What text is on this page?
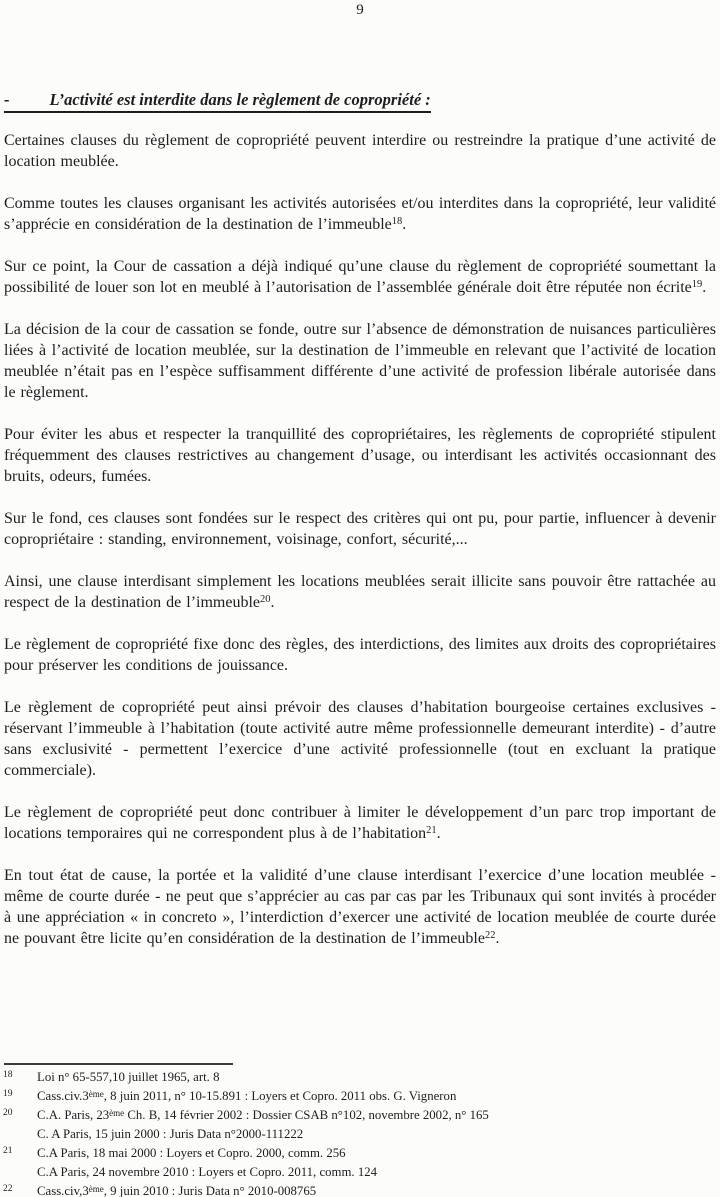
9
- L’activité est interdite dans le règlement de copropriété :

Certaines clauses du règlement de copropriété peuvent interdire ou restreindre la pratique d’une activité de location meublée.

Comme toutes les clauses organisant les activités autorisées et/ou interdites dans la copropriété, leur validité s’apprécie en considération de la destination de l’immeuble$^{18}$.

Sur ce point, la Cour de cassation a déjà indiqué qu’une clause du règlement de copropriété soumettant la possibilité de louer son lot en meublé à l’autorisation de l’assemblée générale doit être réputée non écrite$^{19}$.

La décision de la cour de cassation se fonde, outre sur l’absence de démonstration de nuisances particulières liées à l’activité de location meublée, sur la destination de l’immeuble en relevant que l’activité de location meublée n’était pas en l’espèce suffisamment différente d’une activité de profession libérale autorisée dans le règlement.

Pour éviter les abus et respecter la tranquillité des copropriétaires, les règlements de copropriété stipulent fréquemment des clauses restrictives au changement d’usage, ou interdisant les activités occasionnant des bruits, odeurs, fumées.

Sur le fond, ces clauses sont fondées sur le respect des critères qui ont pu, pour partie, influencer à devenir copropriétaire : standing, environnement, voisinage, confort, sécurité,...

Ainsi, une clause interdisant simplement les locations meublées serait illicite sans pouvoir être rattachée au respect de la destination de l’immeuble$^{20}$.

Le règlement de copropriété fixe donc des règles, des interdictions, des limites aux droits des copropriétaires pour préserver les conditions de jouissance.

Le règlement de copropriété peut ainsi prévoir des clauses d’habitation bourgeoise certaines exclusives - réservant l’immeuble à l’habitation (toute activité autre même professionnelle demeurant interdite) - d’autre sans exclusivité - permettent l’exercice d’une activité professionnelle (tout en excluant la pratique commerciale).

Le règlement de copropriété peut donc contribuer à limiter le développement d’un parc trop important de locations temporaires qui ne correspondent plus à de l’habitation$^{21}$.

En tout état de cause, la portée et la validité d’une clause interdisant l’exercice d’une location meublée - même de courte durée - ne peut que s’apprécier au cas par cas par les Tribunaux qui sont invités à procéder à une appréciation « in concreto », l’interdiction d’exercer une activité de location meublée de courte durée ne pouvant être licite qu’en considération de la destination de l’immeuble$^{22}$.

18	Loi n° 65-557,10 juillet 1965, art. 8
19	Cass.civ.3ème, 8 juin 2011, n° 10-15.891 : Loyers et Copro. 2011 obs. G. Vigneron
20	C.A. Paris, 23ème Ch. B, 14 février 2002 : Dossier CSAB n°102, novembre 2002, n° 165
C. A Paris, 15 juin 2000 : Juris Data n°2000-111222
21	C.A Paris, 18 mai 2000 : Loyers et Copro. 2000, comm. 256
C.A Paris, 24 novembre 2010 : Loyers et Copro. 2011, comm. 124
22	Cass.civ,3ème, 9 juin 2010 : Juris Data n° 2010-008765
